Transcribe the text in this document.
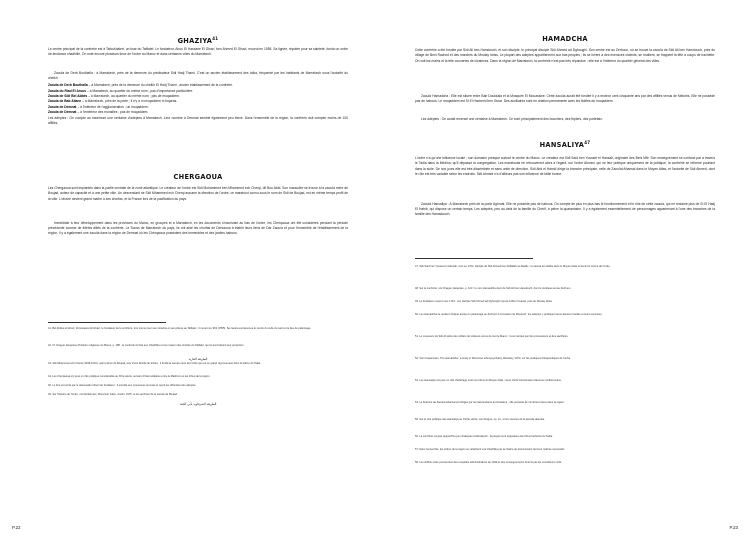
GHAZIYA$^{41}$

Le centre principal de la confrérie est à Tafoukhalert, un ksar du Tafilalet. Le fondateur, Abou El Hassane El Ghazi, ben Ahmed El Ghazi, mourut en 1555. Sa lignée, réputée pour sa sainteté, fonda un ordre de tendance chadhilie. On note encore plusieurs lieux de l'ordre au Maroc et dans certaines villes du Marrakech.

Zaouïa de Derb Bouthaïla : à Marrakech, près de la demeure du prédicateur Sidi Hadj Thami. C'est un ancien établissement des tolba, fréquenté par les habitants de Marrakech sous l'autorité du cheikh.

Zaouïa de Derb Bouthaïla – à Marrakech, près de la demeure du cheikh El Hadj Thami ; ancien établissement de la confrérie.

Zaouïa du Riad El Arous – à Marrakech, au quartier du même nom ; pas d'importance particulière.

Zaouïa de Sidi Bel Abbès – à Marrakech, au quartier du même nom ; pas de moqaddem.

Zaouïa de Bab Aïlane – à Marrakech, près de la porte ; il n'y a ni moqaddem ni fuqaras.

Zaouïa de Demnat – à l'intérieur de l'agglomération ; un moqaddem.

Zaouïa de Demnat – à l'extérieur des murailles ; pas de moqaddem.

Les adeptes : On compte au maximum une centaine d'adeptes à Marrakech. Leur nombre à Demnat semble également peu élevé. Dans l'ensemble de la région, la confrérie doit compter moins de 100 affiliés.

CHERGAOUA

Les Chergaoua sont implantés dans la partie centrale de la zone atlantique. Le créateur de l'ordre est Sidi Mohammed ben Mhammed ech Cherqi, dit Bou Abid. Son mausolée se trouve à la zaouïa mère de Boujad, auteur de capacité et à une petite ville. Un descendant de Sidi Mhammed ech Cherqi assume la direction de l'ordre, ce marabout connu sous le nom de Sidi de Boujad, est en même temps profil de la ville. L'œuvre devient grand maître à ses chorfas, et la France lors de la pacification du pays.

Immédiate à leur développement dans les provinces du Maroc, en groupes et à Marrakech, en les documents s'inscrivant au bas de l'ordre, les Cherqaoua ont été considérés pendant la période précédente comme de fidèles alliés de la confrérie. Le Souss de Marrakech du pays, ils ont aidé les chorfas de Derkaoua à établir leurs liens de Dar Zaouïa et pour l'ensemble de l'établissement de la région. Il y a également une zaouïa dans la région de Demnat où les Cherqaoua possèdent des immeubles et des jardins habous.

41. Bel Abbès el-Ghazi, dit Hassane El Ghazi, le fondateur de la confrérie, très connu pour ses miracles et ses prières au Tafilalet ; il mourut en 963 (1555). Sa zaouïa est devenue le centre du culte du saint et le lieu de pèlerinage.

42. Cf. Drague, Esquisse d'histoire religieuse du Maroc, p. 188 ; la confrérie fut liée aux Chadhilia et à la maison des chorfas du Tafilalet, qui lui accordèrent leur protection.

الطريقة الغازية

43. Sidi Mhammed ech Cherqi (1495-1601), saint patron de Boujad, issu d'une famille de lettrés ; il fonda la zaouïa mère de l'ordre qui eut un grand rayonnement dans la plaine du Tadla.

44. Les Cherqaoua ont joué un rôle politique considérable au XIXe siècle, servant d'intermédiaires entre le Makhzen et les tribus de la région.

45. Le titre est porté par le descendant direct du fondateur ; il préside aux moussems annuels et reçoit les offrandes des adeptes.

46. Sur l'histoire de l'ordre, voir Eickelman, Moroccan Islam, Austin, 1976, et les archives de la zaouïa de Boujad.

الطريقة الشرقاوية بأبي الجعد

P.22

HAMADCHA

Cette confrérie a été fondée par Sidi Ali ben Hamdouch, et son disciple, le principal disciple Sidi Ahmed ad Dghoughi. Son centre est au Zerhoun, où se trouve la zaouïa de Sidi Ali ben Hamdouch, près du village de Beni Rached et des marchés du Moulay Idriss. Le plupart des adeptes appartiennent aux bas peuples ; ils se livrent à des exercices violents, se mutilent, se frappent la tête à coups de hachette. On voit les mains et la tête couvertes de cicatrices. Dans la région de Marrakech, la confrérie n'est pas très répandue ; elle est à l'intérieur du quartier général des villes.

Zaouïa Hamadcha : Elle est située entre Bab Doukkala et la Mosquée El Mouassine. Cette zaouïa aurait été fondée il y a environ cent cinquante ans par des affiliés venus de Meknès. Elle ne possède pas de habous. Le moqaddem est Si El Hachemi ben Omar. Des auxiliaires sont en relation permanente avec les fidèles du moqaddem.

Les adeptes : On aurait recensé une centaine à Marrakech. Ce sont principalement des bouchers, des fripiers, des portefaix.

HANSALIYA$^{47}$

L'ordre n'a qu'une influence locale ; son domaine presque surtout le centre du Maroc. Le créateur est Sidi Saïd ben Youssef el Hansali, originaire des Beni Mtir. Son enseignement se confond par à travers le Tadla dans la Médina, qu'il dépasse la congrégation. Les marabouts ne retrouvèrent alors à l'égard, sur l'ordre Ahmed, qui ne leur pratique uniquement de la politique, la confrérie se reforme pourtant dans la suite. De nos jours elle est très disséminée et sans unité de direction. Sidi Abd el Hamid dirige la branche principale, celle de Zaouïat Ahansal dans le Moyen Atlas, et l'autorité de Sidi Ahmed, dont le rôle est très variable selon les endroits. Sidi Ahmed n'a d'ailleurs pas son influence de taille bonne.

Zaouïa Hansaliya : À Marrakech près de la porte Aghmat. Elle ne possède pas de habous. On compte de plus en plus bas le fonctionnement et le rôle de cette zaouïa, qui ne réclame plus de SI El Hadj El Habib, qui dispose un certain temps. Les adeptes, peu au-delà de la famille du Chérif, à peine la quarantaine, Il y a également essentiellement de personnages appartenant à l'une des branches de la famille des Hamadouch.

47. Sidi Saïd ben Youssef el Hansali, mort en 1702, disciple de Sidi Ahmed ben Abdallah au Dadès ; la zaouïa fut établie dans le Moyen Atlas et devint le centre de l'ordre.

48. Sur la confrérie, voir Drague, Esquisse, p. 123 ; le nom Hamadcha vient de Sidi Ali ben Hamdouch, dont le tombeau est au Zerhoun.

49. Le fondateur mourut vers 1722 ; son disciple Sidi Ahmed ad Dghoughi repose à Beni Ouarad, près de Moulay Idriss.

50. Les Hamadcha se rendent chaque année en pèlerinage au Zerhoun à l'occasion du Mouloud ; les adeptes y pratiquent leurs danses rituelles et leurs exercices.

51. Le moussem de Sidi Ali attire des milliers de visiteurs venus de tout le Maroc ; il est marqué par des processions et des sacrifices.

52. Voir Crapanzano, The Hamadsha : a study in Moroccan ethnopsychiatry, Berkeley, 1973, sur les pratiques thérapeutiques de l'ordre.

53. Les Hansaliya ont joué un rôle d'arbitrage entre les tribus du Moyen Atlas ; leurs chefs intervenaient dans les conflits locaux.

54. La branche de Zaouïat Ahansal est dirigée par les descendants du fondateur ; elle possède de nombreux biens dans la région.

55. Sur le rôle politique des Hansaliya au XVIIIe siècle, voir Drague, op. cit., et les sources de la période alaouite.

56. La confrérie compte aujourd'hui peu d'adeptes à Marrakech ; la plupart sont originaires des tribus berbères du Tadla.

57. Dans l'ensemble, les ordres de la région se rattachent à la Chadhilia par la chaîne de transmission de leurs maîtres successifs.

58. Les chiffres cités proviennent des enquêtes administratives de 1939 et des renseignements fournis par les contrôleurs civils.

P.23
